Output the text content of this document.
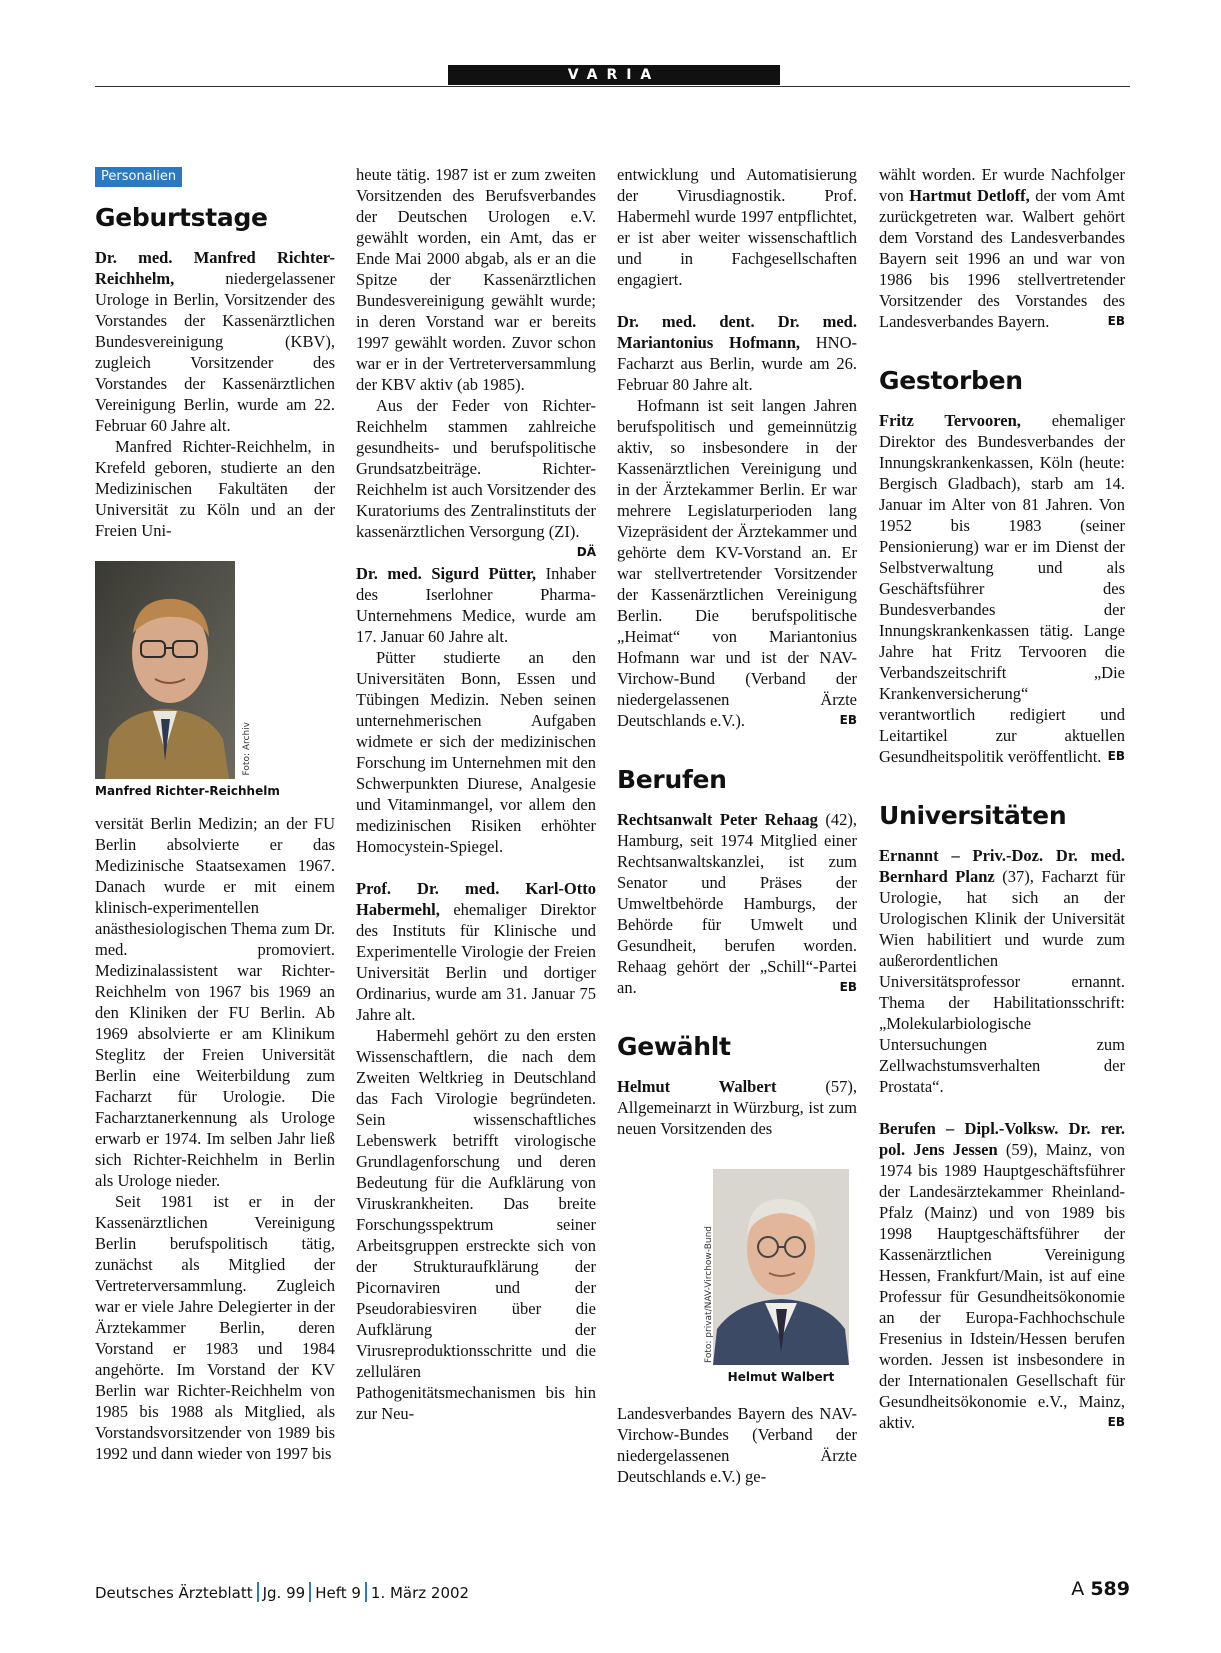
VARIA
Personalien
Geburtstage

Dr. med. Manfred Richter-Reichhelm, niedergelassener Urologe in Berlin, Vorsitzender des Vorstandes der Kassenärztlichen Bundesvereinigung (KBV), zugleich Vorsitzender des Vorstandes der Kassenärztlichen Vereinigung Berlin, wurde am 22. Februar 60 Jahre alt.

Manfred Richter-Reichhelm, in Krefeld geboren, studierte an den Medizinischen Fakultäten der Universität zu Köln und an der Freien Uni-

Foto: Archiv
Manfred Richter-Reichhelm

versität Berlin Medizin; an der FU Berlin absolvierte er das Medizinische Staatsexamen 1967. Danach wurde er mit einem klinisch-experimentellen anästhesiologischen Thema zum Dr. med. promoviert. Medizinalassistent war Richter-Reichhelm von 1967 bis 1969 an den Kliniken der FU Berlin. Ab 1969 absolvierte er am Klinikum Steglitz der Freien Universität Berlin eine Weiterbildung zum Facharzt für Urologie. Die Facharztanerkennung als Urologe erwarb er 1974. Im selben Jahr ließ sich Richter-Reichhelm in Berlin als Urologe nieder.

Seit 1981 ist er in der Kassenärztlichen Vereinigung Berlin berufspolitisch tätig, zunächst als Mitglied der Vertreterversammlung. Zugleich war er viele Jahre Delegierter in der Ärztekammer Berlin, deren Vorstand er 1983 und 1984 angehörte. Im Vorstand der KV Berlin war Richter-Reichhelm von 1985 bis 1988 als Mitglied, als Vorstandsvorsitzender von 1989 bis 1992 und dann wieder von 1997 bis

heute tätig. 1987 ist er zum zweiten Vorsitzenden des Berufsverbandes der Deutschen Urologen e.V. gewählt worden, ein Amt, das er Ende Mai 2000 abgab, als er an die Spitze der Kassenärztlichen Bundesvereinigung gewählt wurde; in deren Vorstand war er bereits 1997 gewählt worden. Zuvor schon war er in der Vertreterversammlung der KBV aktiv (ab 1985).

Aus der Feder von Richter-Reichhelm stammen zahlreiche gesundheits- und berufspolitische Grundsatzbeiträge. Richter-Reichhelm ist auch Vorsitzender des Kuratoriums des Zentralinstituts der kassenärztlichen Versorgung (ZI).
DÄ

Dr. med. Sigurd Pütter, Inhaber des Iserlohner Pharma-Unternehmens Medice, wurde am 17. Januar 60 Jahre alt.

Pütter studierte an den Universitäten Bonn, Essen und Tübingen Medizin. Neben seinen unternehmerischen Aufgaben widmete er sich der medizinischen Forschung im Unternehmen mit den Schwerpunkten Diurese, Analgesie und Vitaminmangel, vor allem den medizinischen Risiken erhöhter Homocystein-Spiegel.

Prof. Dr. med. Karl-Otto Habermehl, ehemaliger Direktor des Instituts für Klinische und Experimentelle Virologie der Freien Universität Berlin und dortiger Ordinarius, wurde am 31. Januar 75 Jahre alt.

Habermehl gehört zu den ersten Wissenschaftlern, die nach dem Zweiten Weltkrieg in Deutschland das Fach Virologie begründeten. Sein wissenschaftliches Lebenswerk betrifft virologische Grundlagenforschung und deren Bedeutung für die Aufklärung von Viruskrankheiten. Das breite Forschungsspektrum seiner Arbeitsgruppen erstreckte sich von der Strukturaufklärung der Picornaviren und der Pseudorabiesviren über die Aufklärung der Virusreproduktionsschritte und die zellulären Pathogenitätsmechanismen bis hin zur Neu-

entwicklung und Automatisierung der Virusdiagnostik. Prof. Habermehl wurde 1997 entpflichtet, er ist aber weiter wissenschaftlich und in Fachgesellschaften engagiert.

Dr. med. dent. Dr. med. Mariantonius Hofmann, HNO-Facharzt aus Berlin, wurde am 26. Februar 80 Jahre alt.

Hofmann ist seit langen Jahren berufspolitisch und gemeinnützig aktiv, so insbesondere in der Kassenärztlichen Vereinigung und in der Ärztekammer Berlin. Er war mehrere Legislaturperioden lang Vizepräsident der Ärztekammer und gehörte dem KV-Vorstand an. Er war stellvertretender Vorsitzender der Kassenärztlichen Vereinigung Berlin. Die berufspolitische „Heimat“ von Mariantonius Hofmann war und ist der NAV-Virchow-Bund (Verband der niedergelassenen Ärzte Deutschlands e.V.).	EB

Berufen

Rechtsanwalt Peter Rehaag (42), Hamburg, seit 1974 Mitglied einer Rechtsanwaltskanzlei, ist zum Senator und Präses der Umweltbehörde Hamburgs, der Behörde für Umwelt und Gesundheit, berufen worden. Rehaag gehört der „Schill“-Partei an.	EB

Gewählt

Helmut Walbert (57), Allgemeinarzt in Würzburg, ist zum neuen Vorsitzenden des

Foto: privat/NAV-Virchow-Bund
Helmut Walbert

Landesverbandes Bayern des NAV-Virchow-Bundes (Verband der niedergelassenen Ärzte Deutschlands e.V.) ge-

wählt worden. Er wurde Nachfolger von Hartmut Detloff, der vom Amt zurückgetreten war. Walbert gehört dem Vorstand des Landesverbandes Bayern seit 1996 an und war von 1986 bis 1996 stellvertretender Vorsitzender des Vorstandes des Landesverbandes Bayern.	EB

Gestorben

Fritz Tervooren, ehemaliger Direktor des Bundesverbandes der Innungskrankenkassen, Köln (heute: Bergisch Gladbach), starb am 14. Januar im Alter von 81 Jahren. Von 1952 bis 1983 (seiner Pensionierung) war er im Dienst der Selbstverwaltung und als Geschäftsführer des Bundesverbandes der Innungskrankenkassen tätig. Lange Jahre hat Fritz Tervooren die Verbandszeitschrift „Die Krankenversicherung“ verantwortlich redigiert und Leitartikel zur aktuellen Gesundheitspolitik veröffentlicht. EB

Universitäten

Ernannt – Priv.-Doz. Dr. med. Bernhard Planz (37), Facharzt für Urologie, hat sich an der Urologischen Klinik der Universität Wien habilitiert und wurde zum außerordentlichen Universitätsprofessor ernannt. Thema der Habilitationsschrift: „Molekularbiologische Untersuchungen zum Zellwachstumsverhalten der Prostata“.

Berufen – Dipl.-Volksw. Dr. rer. pol. Jens Jessen (59), Mainz, von 1974 bis 1989 Hauptgeschäftsführer der Landesärztekammer Rheinland-Pfalz (Mainz) und von 1989 bis 1998 Hauptgeschäftsführer der Kassenärztlichen Vereinigung Hessen, Frankfurt/Main, ist auf eine Professur für Gesundheitsökonomie an der Europa-Fachhochschule Fresenius in Idstein/Hessen berufen worden. Jessen ist insbesondere in der Internationalen Gesellschaft für Gesundheitsökonomie e.V., Mainz, aktiv.	EB

Deutsches Ärzteblatt Jg. 99 Heft 9 1. März 2002	A 589
